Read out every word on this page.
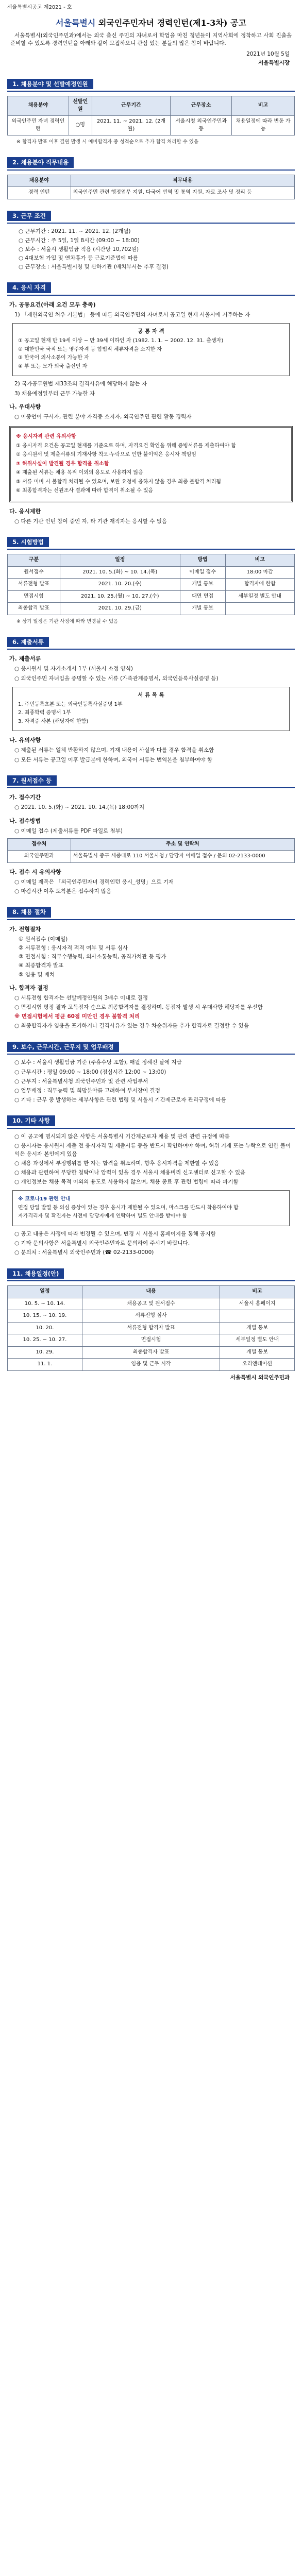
서울특별시공고 제2021 - 호
서울특별시 외국인주민자녀 경력인턴(제1-3차) 공고

서울특별시(외국인주민과)에서는 외국 출신 주민의 자녀로서 학업을 마친 청년들이 지역사회에 정착하고 사회 진출을 준비할 수 있도록 경력인턴을 아래와 같이 모집하오니 관심 있는 분들의 많은 참여 바랍니다.

2021년 10월 5일
서울특별시장
1. 채용분야 및 선발예정인원
채용분야	선발인원	근무기간	근무장소	비고
외국인주민 자녀 경력인턴	○명	2021. 11. ~ 2021. 12. (2개월)	서울시청 외국인주민과 등	채용일정에 따라 변동 가능
※ 합격자 발표 이후 결원 발생 시 예비합격자 중 성적순으로 추가 합격 처리할 수 있음
2. 채용분야 직무내용
채용분야	직무내용
경력 인턴	외국인주민 관련 행정업무 지원, 다국어 번역 및 통역 지원, 자료 조사 및 정리 등
3. 근무 조건
○ 근무기간 : 2021. 11. ~ 2021. 12. (2개월)
○ 근무시간 : 주 5일, 1일 8시간 (09:00 ~ 18:00)
○ 보수 : 서울시 생활임금 적용 (시간당 10,702원)
○ 4대보험 가입 및 연차휴가 등 근로기준법에 따름
○ 근무장소 : 서울특별시청 및 산하기관 (배치부서는 추후 결정)
4. 응시 자격
가. 공통요건(아래 요건 모두 충족)

1) 「재한외국인 처우 기본법」 등에 따른 외국인주민의 자녀로서 공고일 현재 서울시에 거주하는 자

공 통 자 격

① 공고일 현재 만 19세 이상 ~ 만 39세 이하인 자 (1982. 1. 1. ~ 2002. 12. 31. 출생자)

② 대한민국 국적 또는 영주자격 등 합법적 체류자격을 소지한 자

③ 한국어 의사소통이 가능한 자

④ 부 또는 모가 외국 출신인 자

2) 국가공무원법 제33조의 결격사유에 해당하지 않는 자

3) 채용예정일부터 근무 가능한 자

나. 우대사항

○ 이중언어 구사자, 관련 분야 자격증 소지자, 외국인주민 관련 활동 경력자

※ 응시자격 관련 유의사항

① 응시자격 요건은 공고일 현재를 기준으로 하며, 자격요건 확인을 위해 증빙서류를 제출하여야 함

② 응시원서 및 제출서류의 기재사항 착오·누락으로 인한 불이익은 응시자 책임임

③ 허위사실이 발견될 경우 합격을 취소함

④ 제출된 서류는 채용 목적 이외의 용도로 사용하지 않음

⑤ 서류 미비 시 불합격 처리될 수 있으며, 보완 요청에 응하지 않을 경우 최종 불합격 처리됨

⑥ 최종합격자는 신원조사 결과에 따라 합격이 취소될 수 있음

다. 응시제한

○ 다른 기관 인턴 참여 중인 자, 타 기관 재직자는 응시할 수 없음

5. 시험방법
구분	일정	방법	비고
원서접수	2021. 10. 5.(화) ~ 10. 14.(목)	이메일 접수	18:00 마감
서류전형 발표	2021. 10. 20.(수)	개별 통보	합격자에 한함
면접시험	2021. 10. 25.(월) ~ 10. 27.(수)	대면 면접	세부일정 별도 안내
최종합격 발표	2021. 10. 29.(금)	개별 통보	
※ 상기 일정은 기관 사정에 따라 변경될 수 있음
6. 제출서류
가. 제출서류

○ 응시원서 및 자기소개서 1부 (서울시 소정 양식)

○ 외국인주민 자녀임을 증명할 수 있는 서류 (가족관계증명서, 외국인등록사실증명 등)

서 류 목 록

1. 주민등록초본 또는 외국인등록사실증명 1부

2. 최종학력 증명서 1부

3. 자격증 사본 (해당자에 한함)

나. 유의사항

○ 제출된 서류는 일체 반환하지 않으며, 기재 내용이 사실과 다를 경우 합격을 취소함

○ 모든 서류는 공고일 이후 발급분에 한하며, 외국어 서류는 번역본을 첨부하여야 함

7. 원서접수 등
가. 접수기간

○ 2021. 10. 5.(화) ~ 2021. 10. 14.(목) 18:00까지

나. 접수방법

○ 이메일 접수 (제출서류를 PDF 파일로 첨부)

접수처	주소 및 연락처
외국인주민과	서울특별시 중구 세종대로 110 서울시청 / 담당자 이메일 접수 / 문의 02-2133-0000
다. 접수 시 유의사항

○ 이메일 제목은 「외국인주민자녀 경력인턴 응시_성명」으로 기재

○ 마감시간 이후 도착분은 접수하지 않음

8. 채용 절차
가. 전형절차
① 원서접수 (이메일)
② 서류전형 : 응시자격 적격 여부 및 서류 심사
③ 면접시험 : 직무수행능력, 의사소통능력, 공직가치관 등 평가
④ 최종합격자 발표
⑤ 임용 및 배치
나. 합격자 결정

○ 서류전형 합격자는 선발예정인원의 3배수 이내로 결정

○ 면접시험 평정 결과 고득점자 순으로 최종합격자를 결정하며, 동점자 발생 시 우대사항 해당자를 우선함

※ 면접시험에서 평균 60점 미만인 경우 불합격 처리

○ 최종합격자가 임용을 포기하거나 결격사유가 있는 경우 차순위자를 추가 합격자로 결정할 수 있음

9. 보수, 근무시간, 근무지 및 업무배정

○ 보수 : 서울시 생활임금 기준 (주휴수당 포함), 매월 정해진 날에 지급

○ 근무시간 : 평일 09:00 ~ 18:00 (점심시간 12:00 ~ 13:00)

○ 근무지 : 서울특별시청 외국인주민과 및 관련 사업부서

○ 업무배정 : 직무능력 및 희망분야를 고려하여 부서장이 결정

○ 기타 : 근무 중 발생하는 세부사항은 관련 법령 및 서울시 기간제근로자 관리규정에 따름

10. 기타 사항

○ 이 공고에 명시되지 않은 사항은 서울특별시 기간제근로자 채용 및 관리 관련 규정에 따름

○ 응시자는 응시원서 제출 전 응시자격 및 제출서류 등을 반드시 확인하여야 하며, 허위 기재 또는 누락으로 인한 불이익은 응시자 본인에게 있음

○ 채용 과정에서 부정행위를 한 자는 합격을 취소하며, 향후 응시자격을 제한할 수 있음

○ 채용과 관련하여 부당한 청탁이나 압력이 있을 경우 서울시 채용비리 신고센터로 신고할 수 있음

○ 개인정보는 채용 목적 이외의 용도로 사용하지 않으며, 채용 종료 후 관련 법령에 따라 파기함

※ 코로나19 관련 안내

면접 당일 발열 등 의심 증상이 있는 경우 응시가 제한될 수 있으며, 마스크를 반드시 착용하여야 함

자가격리자 및 확진자는 사전에 담당자에게 연락하여 별도 안내를 받아야 함

○ 공고 내용은 사정에 따라 변경될 수 있으며, 변경 시 서울시 홈페이지를 통해 공지함

○ 기타 문의사항은 서울특별시 외국인주민과로 문의하여 주시기 바랍니다.

○ 문의처 : 서울특별시 외국인주민과 (☎ 02-2133-0000)

11. 채용일정(안)
일정	내용	비고
10. 5. ~ 10. 14.	채용공고 및 원서접수	서울시 홈페이지
10. 15. ~ 10. 19.	서류전형 심사	
10. 20.	서류전형 합격자 발표	개별 통보
10. 25. ~ 10. 27.	면접시험	세부일정 별도 안내
10. 29.	최종합격자 발표	개별 통보
11. 1.	임용 및 근무 시작	오리엔테이션
서울특별시 외국인주민과
